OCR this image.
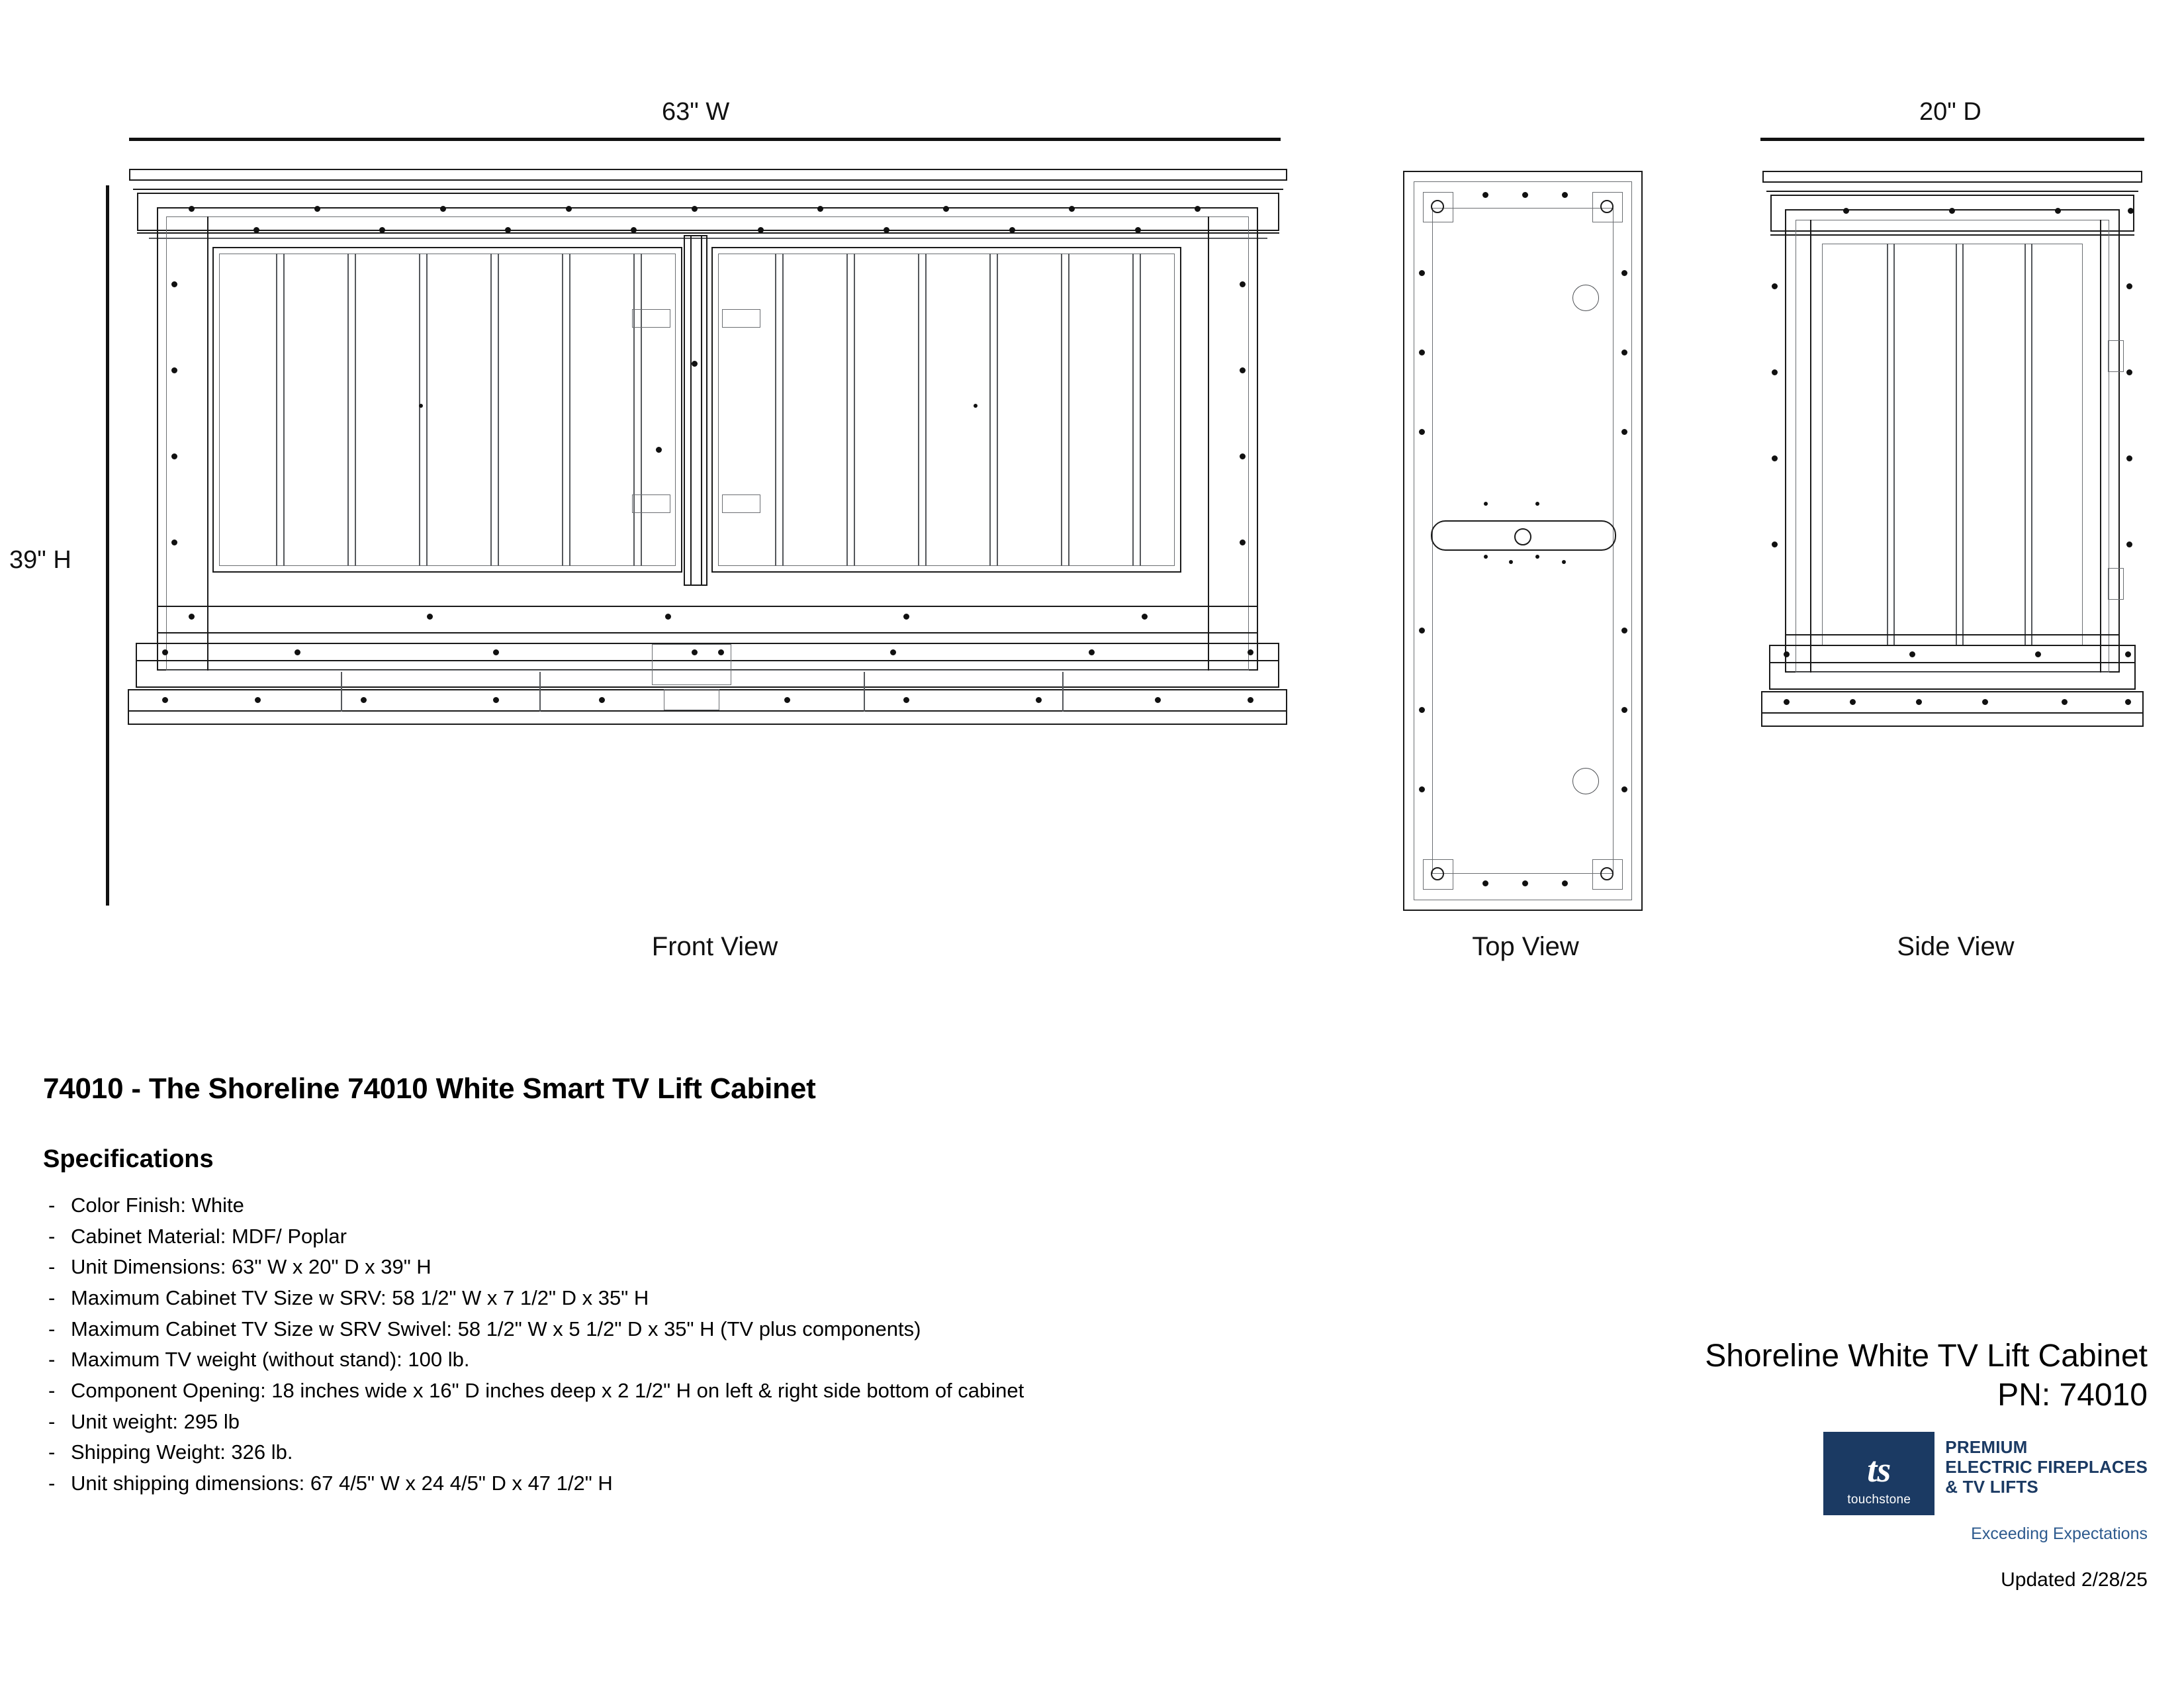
63" W
39" H
20" D
Front View	Top View	Side View
74010 - The Shoreline 74010 White Smart TV Lift Cabinet
Specifications
- Color Finish: White
- Cabinet Material: MDF/ Poplar
- Unit Dimensions: 63" W x 20" D x 39" H
- Maximum Cabinet TV Size w SRV: 58 1/2" W x 7 1/2" D x 35" H
- Maximum Cabinet TV Size w SRV Swivel: 58 1/2" W x 5 1/2" D x 35" H (TV plus components)
- Maximum TV weight (without stand): 100 lb.
- Component Opening: 18 inches wide x 16" D inches deep x 2 1/2" H on left & right side bottom of cabinet
- Unit weight: 295 lb
- Shipping Weight: 326 lb.
- Unit shipping dimensions: 67 4/5" W x 24 4/5" D x 47 1/2" H
Shoreline White TV Lift Cabinet
PN: 74010
ts
touchstone
PREMIUM
ELECTRIC FIREPLACES
& TV LIFTS
Exceeding Expectations
Updated 2/28/25
